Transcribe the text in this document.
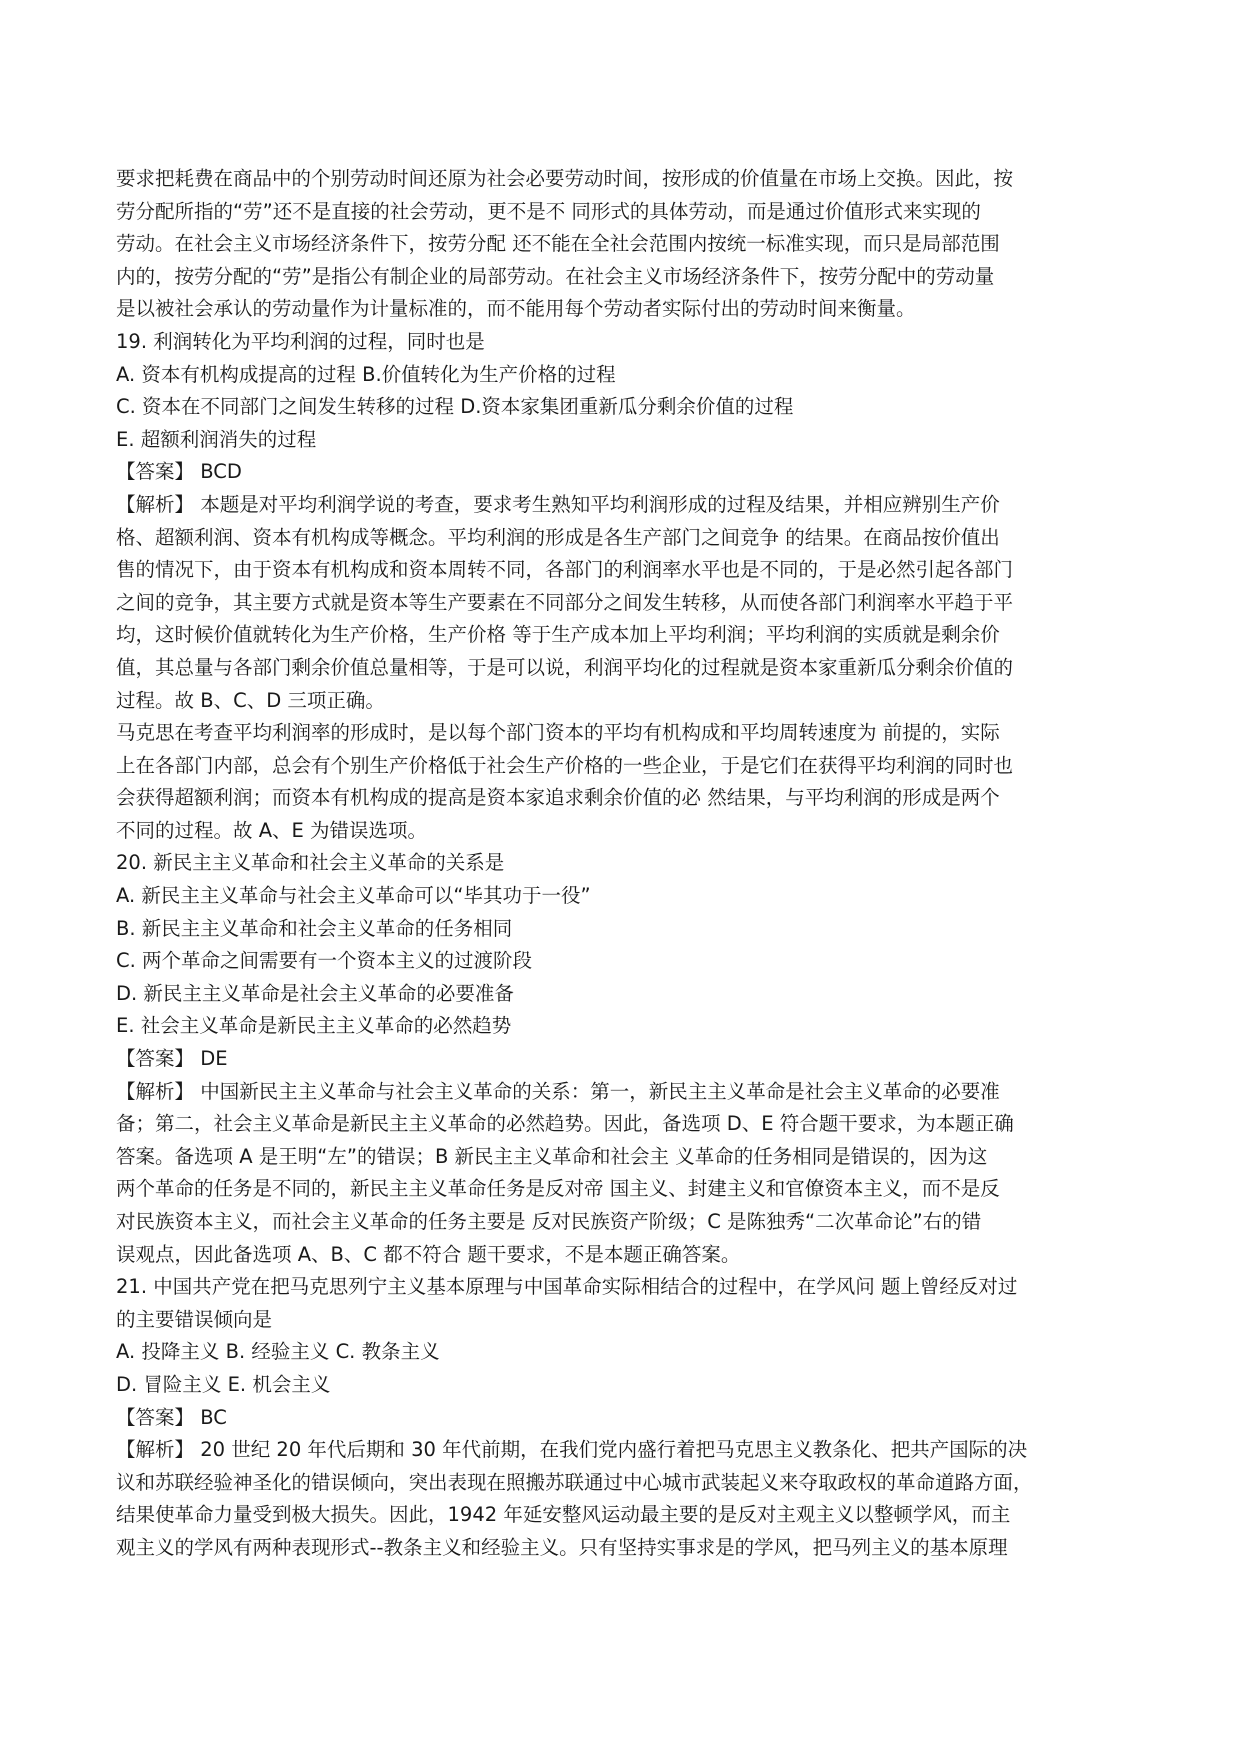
要求把耗费在商品中的个别劳动时间还原为社会必要劳动时间，按形成的价值量在市场上交换。因此，按
劳分配所指的“劳”还不是直接的社会劳动，更不是不 同形式的具体劳动，而是通过价值形式来实现的
劳动。在社会主义市场经济条件下，按劳分配 还不能在全社会范围内按统一标准实现，而只是局部范围
内的，按劳分配的“劳”是指公有制企业的局部劳动。在社会主义市场经济条件下，按劳分配中的劳动量
是以被社会承认的劳动量作为计量标准的，而不能用每个劳动者实际付出的劳动时间来衡量。
19. 利润转化为平均利润的过程，同时也是
A. 资本有机构成提高的过程 B.价值转化为生产价格的过程
C. 资本在不同部门之间发生转移的过程 D.资本家集团重新瓜分剩余价值的过程
E. 超额利润消失的过程
【答案】 BCD
【解析】 本题是对平均利润学说的考查，要求考生熟知平均利润形成的过程及结果，并相应辨别生产价
格、超额利润、资本有机构成等概念。平均利润的形成是各生产部门之间竞争 的结果。在商品按价值出
售的情况下，由于资本有机构成和资本周转不同，各部门的利润率水平也是不同的，于是必然引起各部门
之间的竞争，其主要方式就是资本等生产要素在不同部分之间发生转移，从而使各部门利润率水平趋于平
均，这时候价值就转化为生产价格，生产价格 等于生产成本加上平均利润；平均利润的实质就是剩余价
值，其总量与各部门剩余价值总量相等，于是可以说，利润平均化的过程就是资本家重新瓜分剩余价值的
过程。故 B、C、D 三项正确。
马克思在考查平均利润率的形成时，是以每个部门资本的平均有机构成和平均周转速度为 前提的，实际
上在各部门内部，总会有个别生产价格低于社会生产价格的一些企业，于是它们在获得平均利润的同时也
会获得超额利润；而资本有机构成的提高是资本家追求剩余价值的必 然结果，与平均利润的形成是两个
不同的过程。故 A、E 为错误选项。
20. 新民主主义革命和社会主义革命的关系是
A. 新民主主义革命与社会主义革命可以“毕其功于一役”
B. 新民主主义革命和社会主义革命的任务相同
C. 两个革命之间需要有一个资本主义的过渡阶段
D. 新民主主义革命是社会主义革命的必要准备
E. 社会主义革命是新民主主义革命的必然趋势
【答案】 DE
【解析】 中国新民主主义革命与社会主义革命的关系：第一，新民主主义革命是社会主义革命的必要准
备；第二，社会主义革命是新民主主义革命的必然趋势。因此，备选项 D、E 符合题干要求，为本题正确
答案。备选项 A 是王明“左”的错误；B 新民主主义革命和社会主 义革命的任务相同是错误的，因为这
两个革命的任务是不同的，新民主主义革命任务是反对帝 国主义、封建主义和官僚资本主义，而不是反
对民族资本主义，而社会主义革命的任务主要是 反对民族资产阶级；C 是陈独秀“二次革命论”右的错
误观点，因此备选项 A、B、C 都不符合 题干要求，不是本题正确答案。
21. 中国共产党在把马克思列宁主义基本原理与中国革命实际相结合的过程中，在学风问 题上曾经反对过
的主要错误倾向是
A. 投降主义 B. 经验主义 C. 教条主义
D. 冒险主义 E. 机会主义
【答案】 BC
【解析】 20 世纪 20 年代后期和 30 年代前期，在我们党内盛行着把马克思主义教条化、把共产国际的决
议和苏联经验神圣化的错误倾向，突出表现在照搬苏联通过中心城市武装起义来夺取政权的革命道路方面，
结果使革命力量受到极大损失。因此，1942 年延安整风运动最主要的是反对主观主义以整顿学风，而主
观主义的学风有两种表现形式--教条主义和经验主义。只有坚持实事求是的学风，把马列主义的基本原理
